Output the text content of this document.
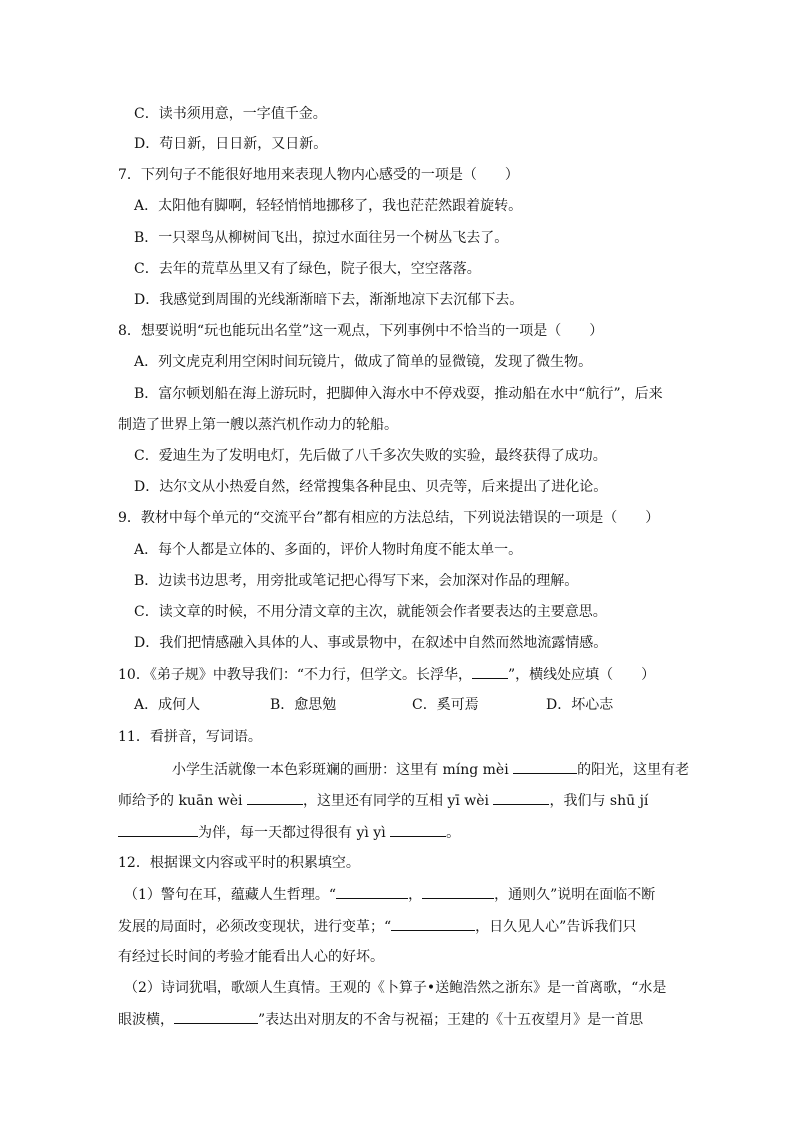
C．读书须用意，一字值千金。
D．苟日新，日日新，又日新。
7．下列句子不能很好地用来表现人物内心感受的一项是（　　）
A．太阳他有脚啊，轻轻悄悄地挪移了，我也茫茫然跟着旋转。
B．一只翠鸟从柳树间飞出，掠过水面往另一个树丛飞去了。
C．去年的荒草丛里又有了绿色，院子很大，空空落落。
D．我感觉到周围的光线渐渐暗下去，渐渐地凉下去沉郁下去。
8．想要说明“玩也能玩出名堂”这一观点，下列事例中不恰当的一项是（　　）
A．列文虎克利用空闲时间玩镜片，做成了简单的显微镜，发现了微生物。
B．富尔顿划船在海上游玩时，把脚伸入海水中不停戏耍，推动船在水中“航行”，后来
制造了世界上第一艘以蒸汽机作动力的轮船。
C．爱迪生为了发明电灯，先后做了八千多次失败的实验，最终获得了成功。
D．达尔文从小热爱自然，经常搜集各种昆虫、贝壳等，后来提出了进化论。
9．教材中每个单元的“交流平台”都有相应的方法总结，下列说法错误的一项是（　　）
A．每个人都是立体的、多面的，评价人物时角度不能太单一。
B．边读书边思考，用旁批或笔记把心得写下来，会加深对作品的理解。
C．读文章的时候，不用分清文章的主次，就能领会作者要表达的主要意思。
D．我们把情感融入具体的人、事或景物中，在叙述中自然而然地流露情感。
10．《弟子规》中教导我们：“不力行，但学文。长浮华，	”，横线处应填（　　）
A．成何人	B．愈思勉	C．奚可焉	D．坏心志
11．看拼音，写词语。
小学生活就像一本色彩斑斓的画册：这里有 míng mèi	的阳光，这里有老
师给予的 kuān wèi	，这里还有同学的互相 yī wèi	，我们与 shū jí
为伴，每一天都过得很有 yì yì	。
12．根据课文内容或平时的积累填空。
（1）警句在耳，蕴藏人生哲理。“	，	，通则久”说明在面临不断
发展的局面时，必须改变现状，进行变革；“	，日久见人心”告诉我们只
有经过长时间的考验才能看出人心的好坏。
（2）诗词犹唱，歌颂人生真情。王观的《卜算子•送鲍浩然之浙东》是一首离歌，“水是
眼波横，	”表达出对朋友的不舍与祝福；王建的《十五夜望月》是一首思
